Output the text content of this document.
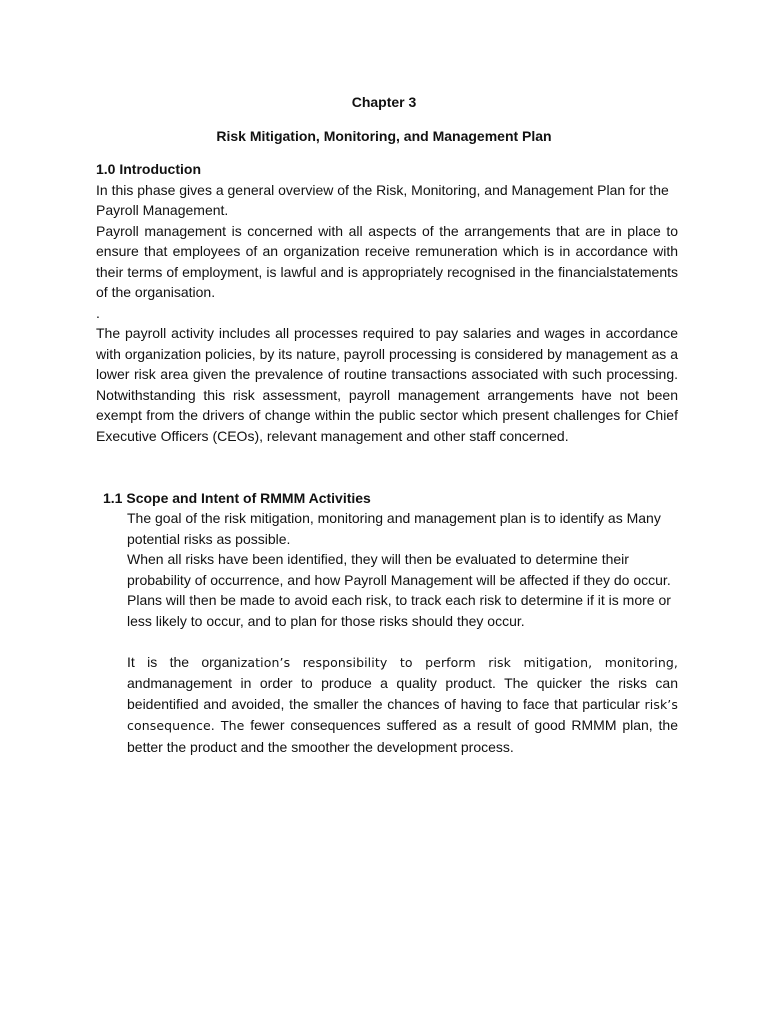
Chapter 3
Risk Mitigation, Monitoring, and Management Plan

1.0 Introduction

In this phase gives a general overview of the Risk, Monitoring, and Management Plan for the Payroll Management.

Payroll management is concerned with all aspects of the arrangements that are in place to ensure that employees of an organization receive remuneration which is in accordance with their terms of employment, is lawful and is appropriately recognised in the financialstatements of the organisation.

.

The payroll activity includes all processes required to pay salaries and wages in accordance with organization policies, by its nature, payroll processing is considered by management as a lower risk area given the prevalence of routine transactions associated with such processing. Notwithstanding this risk assessment, payroll management arrangements have not been exempt from the drivers of change within the public sector which present challenges for Chief Executive Officers (CEOs), relevant management and other staff concerned.

1.1 Scope and Intent of RMMM Activities

The goal of the risk mitigation, monitoring and management plan is to identify as Many potential risks as possible.

When all risks have been identified, they will then be evaluated to determine their probability of occurrence, and how Payroll Management will be affected if they do occur.

Plans will then be made to avoid each risk, to track each risk to determine if it is more or less likely to occur, and to plan for those risks should they occur.

It is the organization’s responsibility to perform risk mitigation, monitoring, andmanagement in order to produce a quality product. The quicker the risks can beidentified and avoided, the smaller the chances of having to face that particular risk’s consequence. The fewer consequences suffered as a result of good RMMM plan, the better the product and the smoother the development process.
